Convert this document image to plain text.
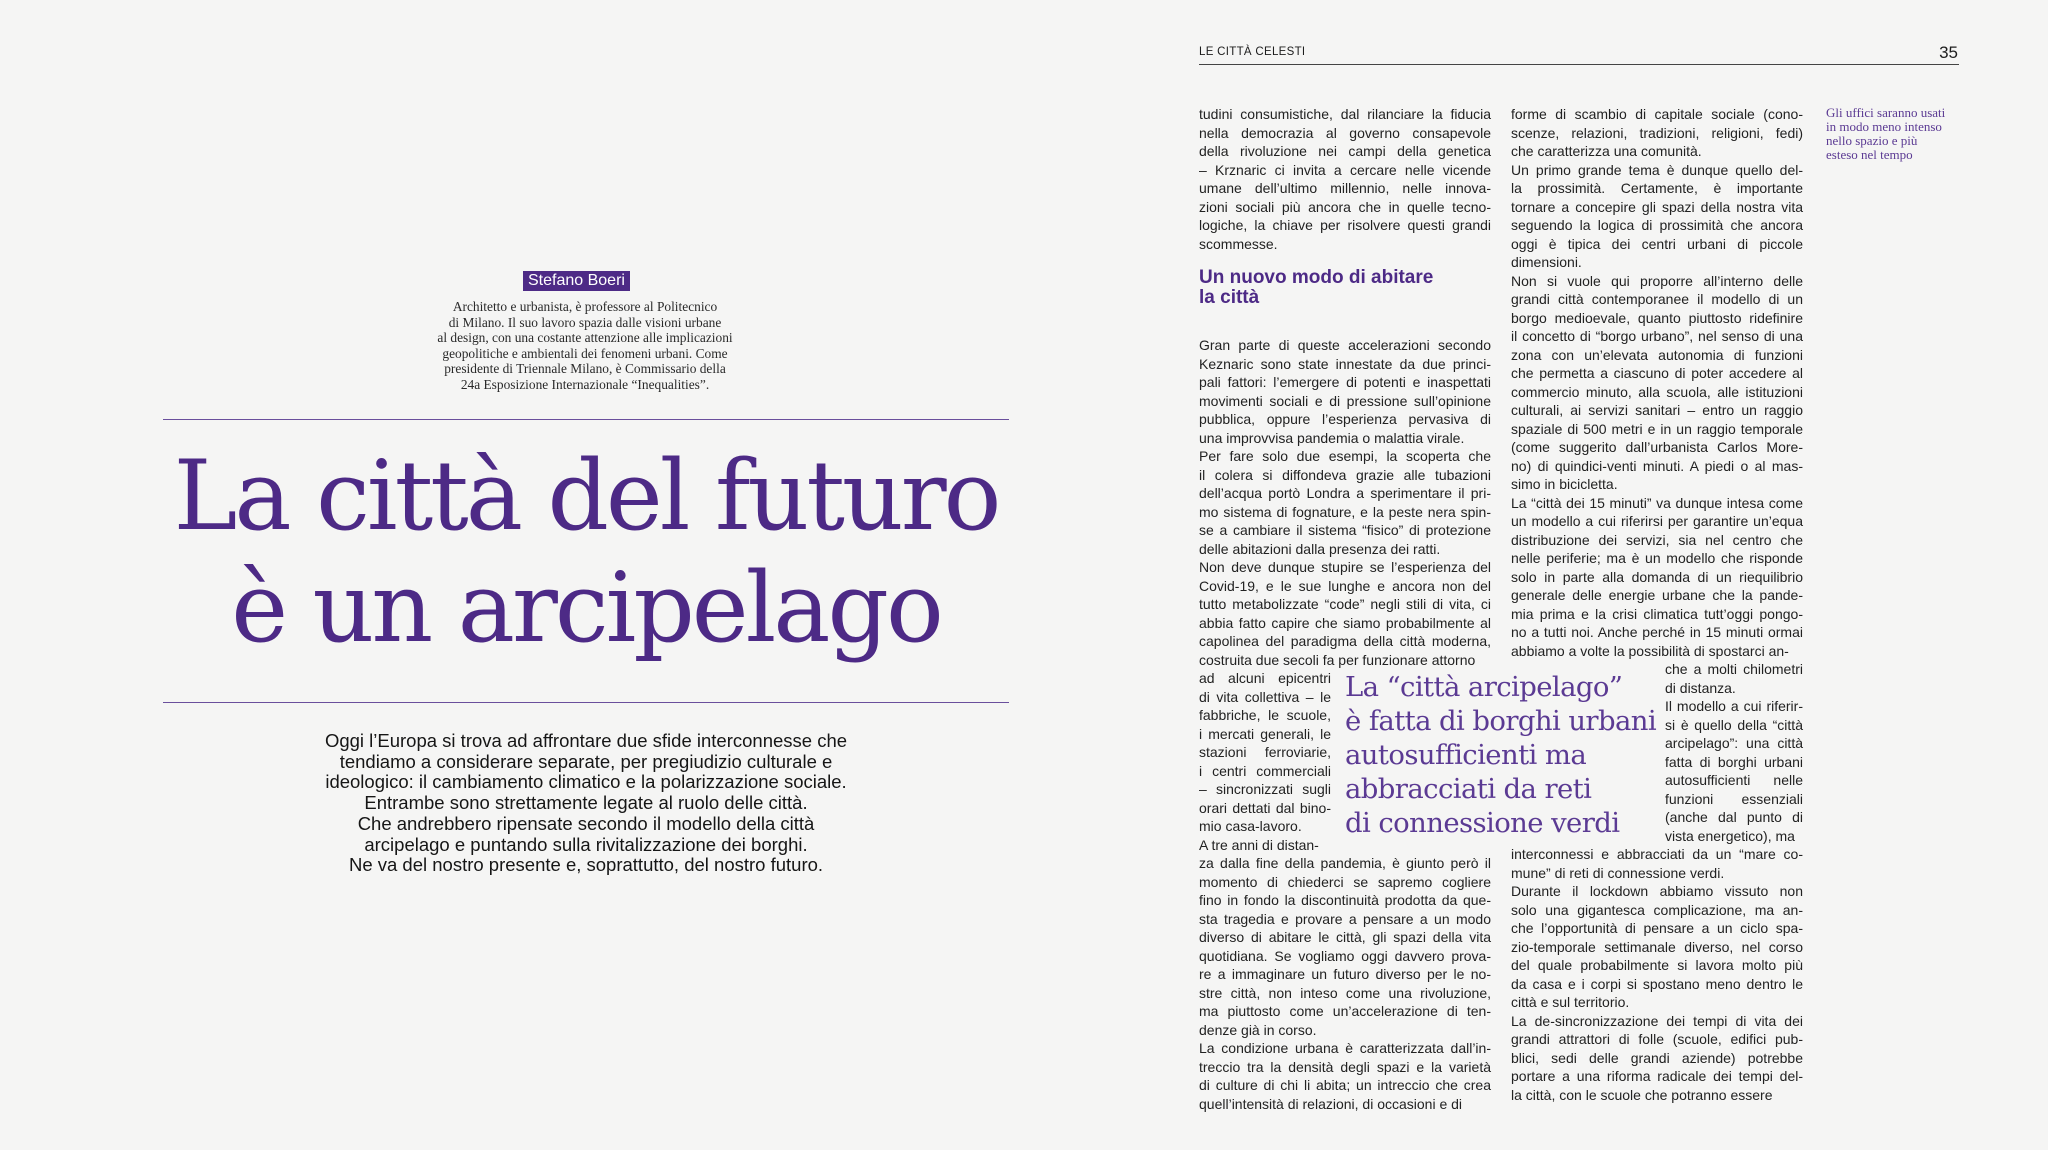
Stefano Boeri

Architetto e urbanista, è professore al Politecnico
di Milano. Il suo lavoro spazia dalle visioni urbane
al design, con una costante attenzione alle implicazioni
geopolitiche e ambientali dei fenomeni urbani. Come
presidente di Triennale Milano, è Commissario della
24a Esposizione Internazionale “Inequalities”.

La città del futuro
è un arcipelago

Oggi l’Europa si trova ad affrontare due sfide interconnesse che
tendiamo a considerare separate, per pregiudizio culturale e
ideologico: il cambiamento climatico e la polarizzazione sociale.
Entrambe sono strettamente legate al ruolo delle città.
Che andrebbero ripensate secondo il modello della città
arcipelago e puntando sulla rivitalizzazione dei borghi.
Ne va del nostro presente e, soprattutto, del nostro futuro.

LE CITTÀ CELESTI	35

tudini consumistiche, dal rilanciare la fiducia

nella democrazia al governo consapevole

della rivoluzione nei campi della genetica

– Krznaric ci invita a cercare nelle vicende

umane dell’ultimo millennio, nelle innova-

zioni sociali più ancora che in quelle tecno-

logiche, la chiave per risolvere questi grandi

scommesse.

Gran parte di queste accelerazioni secondo

Keznaric sono state innestate da due princi-

pali fattori: l’emergere di potenti e inaspettati

movimenti sociali e di pressione sull’opinione

pubblica, oppure l’esperienza pervasiva di

una improvvisa pandemia o malattia virale.

Per fare solo due esempi, la scoperta che

il colera si diffondeva grazie alle tubazioni

dell’acqua portò Londra a sperimentare il pri-

mo sistema di fognature, e la peste nera spin-

se a cambiare il sistema “fisico” di protezione

delle abitazioni dalla presenza dei ratti.

Non deve dunque stupire se l’esperienza del

Covid-19, e le sue lunghe e ancora non del

tutto metabolizzate “code” negli stili di vita, ci

abbia fatto capire che siamo probabilmente al

capolinea del paradigma della città moderna,

costruita due secoli fa per funzionare attorno

ad alcuni epicentri

di vita collettiva – le

fabbriche, le scuole,

i mercati generali, le

stazioni ferroviarie,

i centri commerciali

– sincronizzati sugli

orari dettati dal bino-

mio casa-lavoro.

A tre anni di distan-

za dalla fine della pandemia, è giunto però il

momento di chiederci se sapremo cogliere

fino in fondo la discontinuità prodotta da que-

sta tragedia e provare a pensare a un modo

diverso di abitare le città, gli spazi della vita

quotidiana. Se vogliamo oggi davvero prova-

re a immaginare un futuro diverso per le no-

stre città, non inteso come una rivoluzione,

ma piuttosto come un’accelerazione di ten-

denze già in corso.

La condizione urbana è caratterizzata dall’in-

treccio tra la densità degli spazi e la varietà

di culture di chi li abita; un intreccio che crea

quell’intensità di relazioni, di occasioni e di

Un nuovo modo di abitare
la città

forme di scambio di capitale sociale (cono-

scenze, relazioni, tradizioni, religioni, fedi)

che caratterizza una comunità.

Un primo grande tema è dunque quello del-

la prossimità. Certamente, è importante

tornare a concepire gli spazi della nostra vita

seguendo la logica di prossimità che ancora

oggi è tipica dei centri urbani di piccole

dimensioni.

Non si vuole qui proporre all’interno delle

grandi città contemporanee il modello di un

borgo medioevale, quanto piuttosto ridefinire

il concetto di “borgo urbano”, nel senso di una

zona con un’elevata autonomia di funzioni

che permetta a ciascuno di poter accedere al

commercio minuto, alla scuola, alle istituzioni

culturali, ai servizi sanitari – entro un raggio

spaziale di 500 metri e in un raggio temporale

(come suggerito dall’urbanista Carlos More-

no) di quindici-venti minuti. A piedi o al mas-

simo in bicicletta.

La “città dei 15 minuti” va dunque intesa come

un modello a cui riferirsi per garantire un’equa

distribuzione dei servizi, sia nel centro che

nelle periferie; ma è un modello che risponde

solo in parte alla domanda di un riequilibrio

generale delle energie urbane che la pande-

mia prima e la crisi climatica tutt’oggi pongo-

no a tutti noi. Anche perché in 15 minuti ormai

abbiamo a volte la possibilità di spostarci an-

che a molti chilometri

di distanza.

Il modello a cui riferir-

si è quello della “città

arcipelago”: una città

fatta di borghi urbani

autosufficienti nelle

funzioni essenziali

(anche dal punto di

vista energetico), ma

interconnessi e abbracciati da un “mare co-

mune” di reti di connessione verdi.

Durante il lockdown abbiamo vissuto non

solo una gigantesca complicazione, ma an-

che l’opportunità di pensare a un ciclo spa-

zio-temporale settimanale diverso, nel corso

del quale probabilmente si lavora molto più

da casa e i corpi si spostano meno dentro le

città e sul territorio.

La de-sincronizzazione dei tempi di vita dei

grandi attrattori di folle (scuole, edifici pub-

blici, sedi delle grandi aziende) potrebbe

portare a una riforma radicale dei tempi del-

la città, con le scuole che potranno essere

La “città arcipelago”
è fatta di borghi urbani
autosufficienti ma
abbracciati da reti
di connessione verdi

Gli uffici saranno usati
in modo meno intenso
nello spazio e più
esteso nel tempo
